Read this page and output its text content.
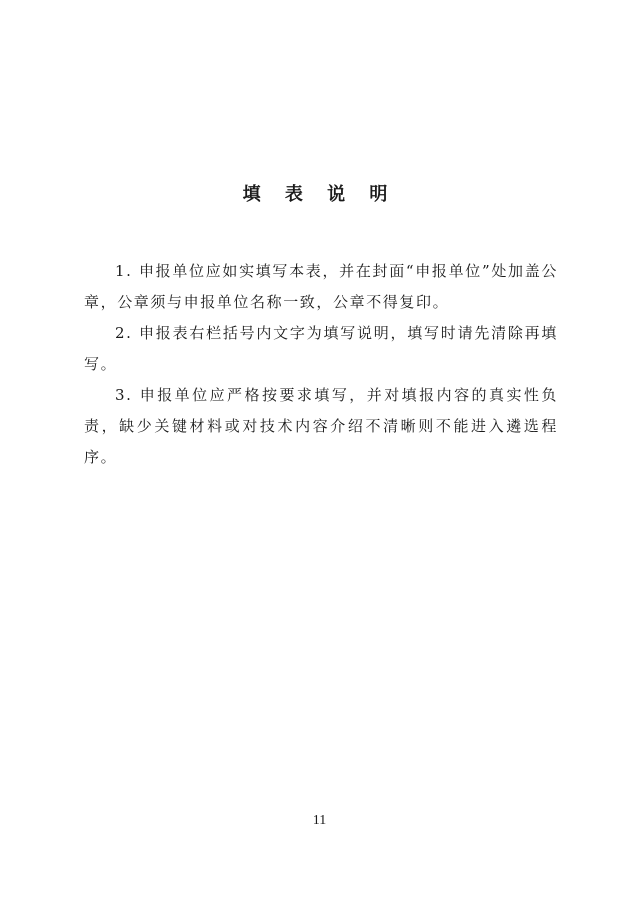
填 表 说 明

1. 申报单位应如实填写本表，并在封面“申报单位”处加盖公章，公章须与申报单位名称一致，公章不得复印。

2. 申报表右栏括号内文字为填写说明，填写时请先清除再填写。

3. 申报单位应严格按要求填写，并对填报内容的真实性负责，缺少关键材料或对技术内容介绍不清晰则不能进入遴选程序。

11
